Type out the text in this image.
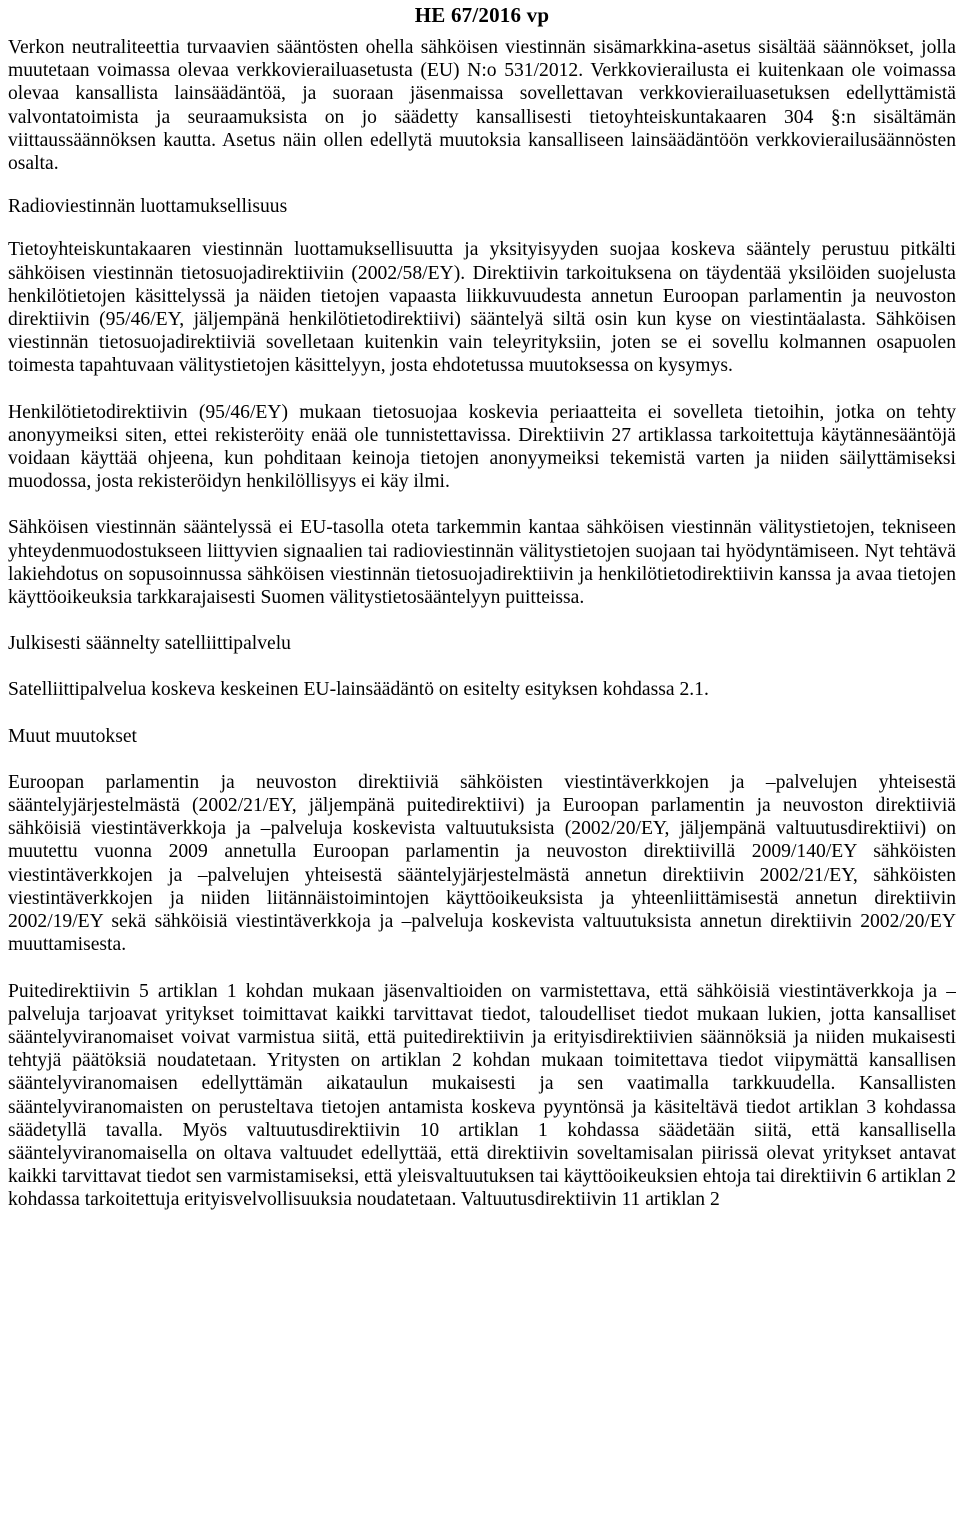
HE 67/2016 vp

Verkon neutraliteettia turvaavien sääntösten ohella sähköisen viestinnän sisämarkkina-asetus sisältää säännökset, jolla muutetaan voimassa olevaa verkkovierailuasetusta (EU) N:o 531/2012. Verkkovierailusta ei kuitenkaan ole voimassa olevaa kansallista lainsäädäntöä, ja suoraan jäsenmaissa sovellettavan verkkovierailuasetuksen edellyttämistä valvontatoimista ja seuraamuksista on jo säädetty kansallisesti tietoyhteiskuntakaaren 304 §:n sisältämän viittaussäännöksen kautta. Asetus näin ollen edellytä muutoksia kansalliseen lainsäädäntöön verkkovierailusäännösten osalta.

Radioviestinnän luottamuksellisuus

Tietoyhteiskuntakaaren viestinnän luottamuksellisuutta ja yksityisyyden suojaa koskeva sääntely perustuu pitkälti sähköisen viestinnän tietosuojadirektiiviin (2002/58/EY). Direktiivin tarkoituksena on täydentää yksilöiden suojelusta henkilötietojen käsittelyssä ja näiden tietojen vapaasta liikkuvuudesta annetun Euroopan parlamentin ja neuvoston direktiivin (95/46/EY, jäljempänä henkilötietodirektiivi) sääntelyä siltä osin kun kyse on viestintäalasta. Sähköisen viestinnän tietosuojadirektiiviä sovelletaan kuitenkin vain teleyrityksiin, joten se ei sovellu kolmannen osapuolen toimesta tapahtuvaan välitystietojen käsittelyyn, josta ehdotetussa muutoksessa on kysymys.

Henkilötietodirektiivin (95/46/EY) mukaan tietosuojaa koskevia periaatteita ei sovelleta tietoihin, jotka on tehty anonyymeiksi siten, ettei rekisteröity enää ole tunnistettavissa. Direktiivin 27 artiklassa tarkoitettuja käytännesääntöjä voidaan käyttää ohjeena, kun pohditaan keinoja tietojen anonyymeiksi tekemistä varten ja niiden säilyttämiseksi muodossa, josta rekisteröidyn henkilöllisyys ei käy ilmi.

Sähköisen viestinnän sääntelyssä ei EU-tasolla oteta tarkemmin kantaa sähköisen viestinnän välitystietojen, tekniseen yhteydenmuodostukseen liittyvien signaalien tai radioviestinnän välitystietojen suojaan tai hyödyntämiseen. Nyt tehtävä lakiehdotus on sopusoinnussa sähköisen viestinnän tietosuojadirektiivin ja henkilötietodirektiivin kanssa ja avaa tietojen käyttöoikeuksia tarkkarajaisesti Suomen välitystietosääntelyyn puitteissa.

Julkisesti säännelty satelliittipalvelu

Satelliittipalvelua koskeva keskeinen EU-lainsäädäntö on esitelty esityksen kohdassa 2.1.

Muut muutokset

Euroopan parlamentin ja neuvoston direktiiviä sähköisten viestintäverkkojen ja –palvelujen yhteisestä sääntelyjärjestelmästä (2002/21/EY, jäljempänä puitedirektiivi) ja Euroopan parlamentin ja neuvoston direktiiviä sähköisiä viestintäverkkoja ja –palveluja koskevista valtuutuksista (2002/20/EY, jäljempänä valtuutusdirektiivi) on muutettu vuonna 2009 annetulla Euroopan parlamentin ja neuvoston direktiivillä 2009/140/EY sähköisten viestintäverkkojen ja –palvelujen yhteisestä sääntelyjärjestelmästä annetun direktiivin 2002/21/EY, sähköisten viestintäverkkojen ja niiden liitännäistoimintojen käyttöoikeuksista ja yhteenliittämisestä annetun direktiivin 2002/19/EY sekä sähköisiä viestintäverkkoja ja –palveluja koskevista valtuutuksista annetun direktiivin 2002/20/EY muuttamisesta.

Puitedirektiivin 5 artiklan 1 kohdan mukaan jäsenvaltioiden on varmistettava, että sähköisiä viestintäverkkoja ja –palveluja tarjoavat yritykset toimittavat kaikki tarvittavat tiedot, taloudelliset tiedot mukaan lukien, jotta kansalliset sääntelyviranomaiset voivat varmistua siitä, että puitedirektiivin ja erityisdirektiivien säännöksiä ja niiden mukaisesti tehtyjä päätöksiä noudatetaan. Yritysten on artiklan 2 kohdan mukaan toimitettava tiedot viipymättä kansallisen sääntelyviranomaisen edellyttämän aikataulun mukaisesti ja sen vaatimalla tarkkuudella. Kansallisten sääntelyviranomaisten on perusteltava tietojen antamista koskeva pyyntönsä ja käsiteltävä tiedot artiklan 3 kohdassa säädetyllä tavalla. Myös valtuutusdirektiivin 10 artiklan 1 kohdassa säädetään siitä, että kansallisella sääntelyviranomaisella on oltava valtuudet edellyttää, että direktiivin soveltamisalan piirissä olevat yritykset antavat kaikki tarvittavat tiedot sen varmistamiseksi, että yleisvaltuutuksen tai käyttöoikeuksien ehtoja tai direktiivin 6 artiklan 2 kohdassa tarkoitettuja erityisvelvollisuuksia noudatetaan. Valtuutusdirektiivin 11 artiklan 2
